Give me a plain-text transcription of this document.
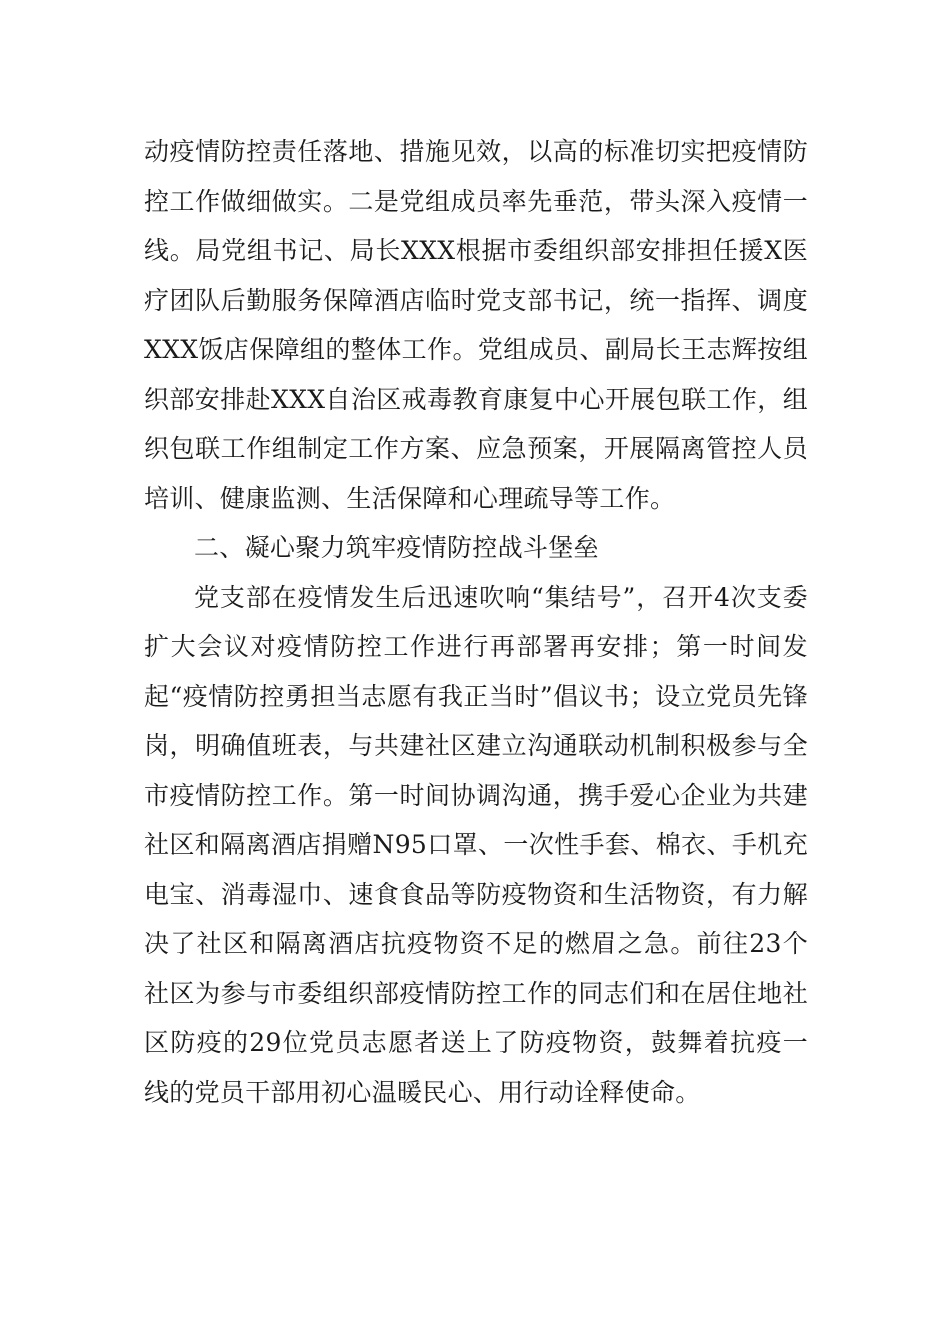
动疫情防控责任落地、措施见效，以高的标准切实把疫情防控工作做细做实。二是党组成员率先垂范，带头深入疫情一线。局党组书记、局长XXX根据市委组织部安排担任援X医疗团队后勤服务保障酒店临时党支部书记，统一指挥、调度XXX饭店保障组的整体工作。党组成员、副局长王志辉按组织部安排赴XXX自治区戒毒教育康复中心开展包联工作，组织包联工作组制定工作方案、应急预案，开展隔离管控人员培训、健康监测、生活保障和心理疏导等工作。

二、凝心聚力筑牢疫情防控战斗堡垒

党支部在疫情发生后迅速吹响“集结号”，召开4次支委扩大会议对疫情防控工作进行再部署再安排；第一时间发起“疫情防控勇担当志愿有我正当时”倡议书；设立党员先锋岗，明确值班表，与共建社区建立沟通联动机制积极参与全市疫情防控工作。第一时间协调沟通，携手爱心企业为共建社区和隔离酒店捐赠N95口罩、一次性手套、棉衣、手机充电宝、消毒湿巾、速食食品等防疫物资和生活物资，有力解决了社区和隔离酒店抗疫物资不足的燃眉之急。前往23个社区为参与市委组织部疫情防控工作的同志们和在居住地社区防疫的29位党员志愿者送上了防疫物资，鼓舞着抗疫一线的党员干部用初心温暖民心、用行动诠释使命。
